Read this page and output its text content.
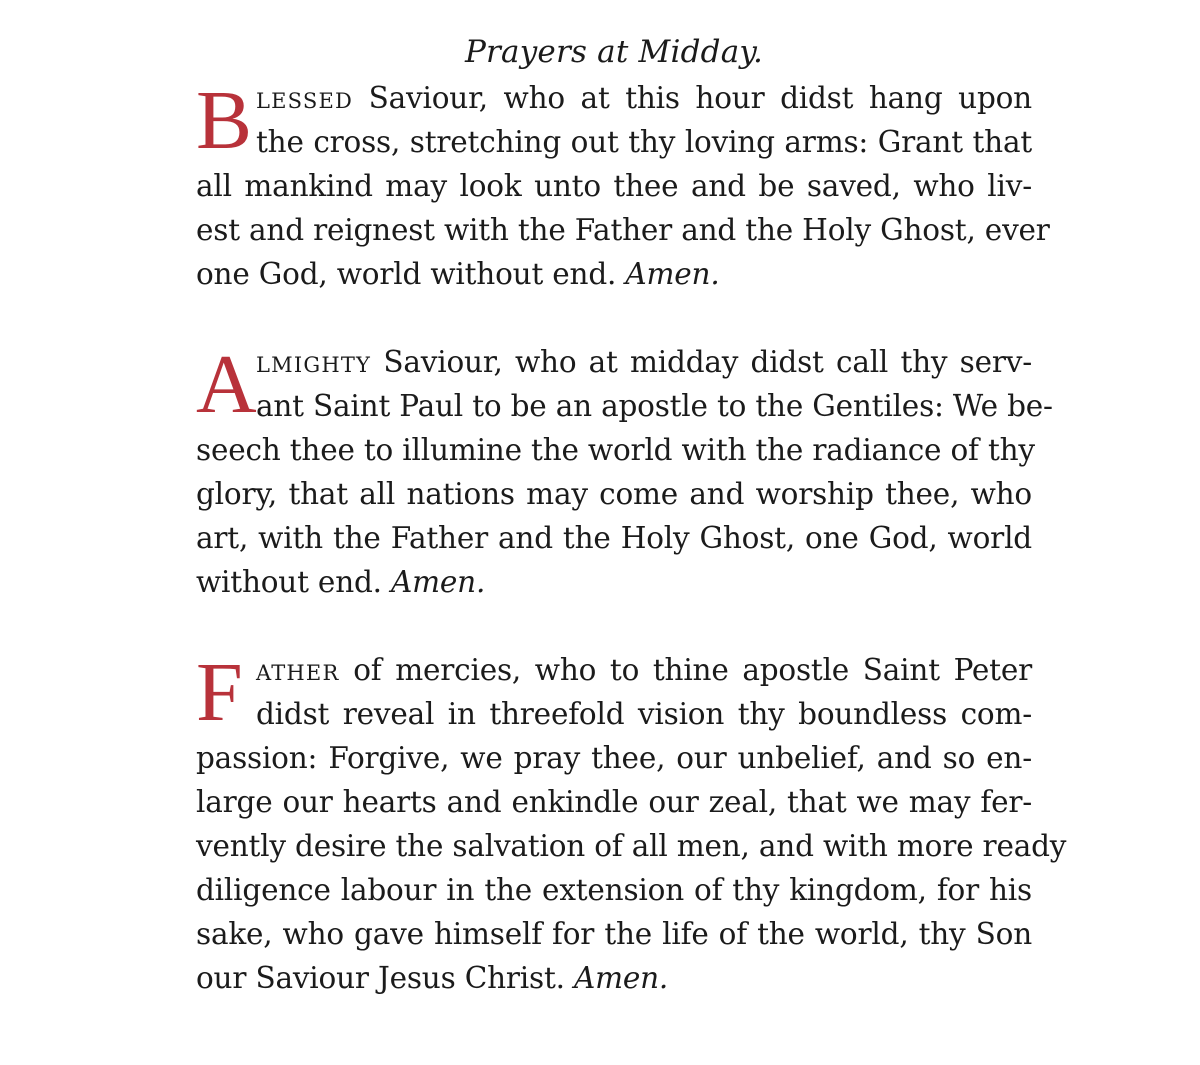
Prayers at Midday.
B lessed Saviour, who at this hour didst hang upon
the cross, stretching out thy loving arms: Grant that
all mankind may look unto thee and be saved, who liv-
est and reignest with the Father and the Holy Ghost, ever
one God, world without end. Amen.
A lmighty Saviour, who at midday didst call thy serv-
ant Saint Paul to be an apostle to the Gentiles: We be-
seech thee to illumine the world with the radiance of thy
glory, that all nations may come and worship thee, who
art, with the Father and the Holy Ghost, one God, world
without end. Amen.
F ather of mercies, who to thine apostle Saint Peter
didst reveal in threefold vision thy boundless com-
passion: Forgive, we pray thee, our unbelief, and so en-
large our hearts and enkindle our zeal, that we may fer-
vently desire the salvation of all men, and with more ready
diligence labour in the extension of thy kingdom, for his
sake, who gave himself for the life of the world, thy Son
our Saviour Jesus Christ. Amen.
